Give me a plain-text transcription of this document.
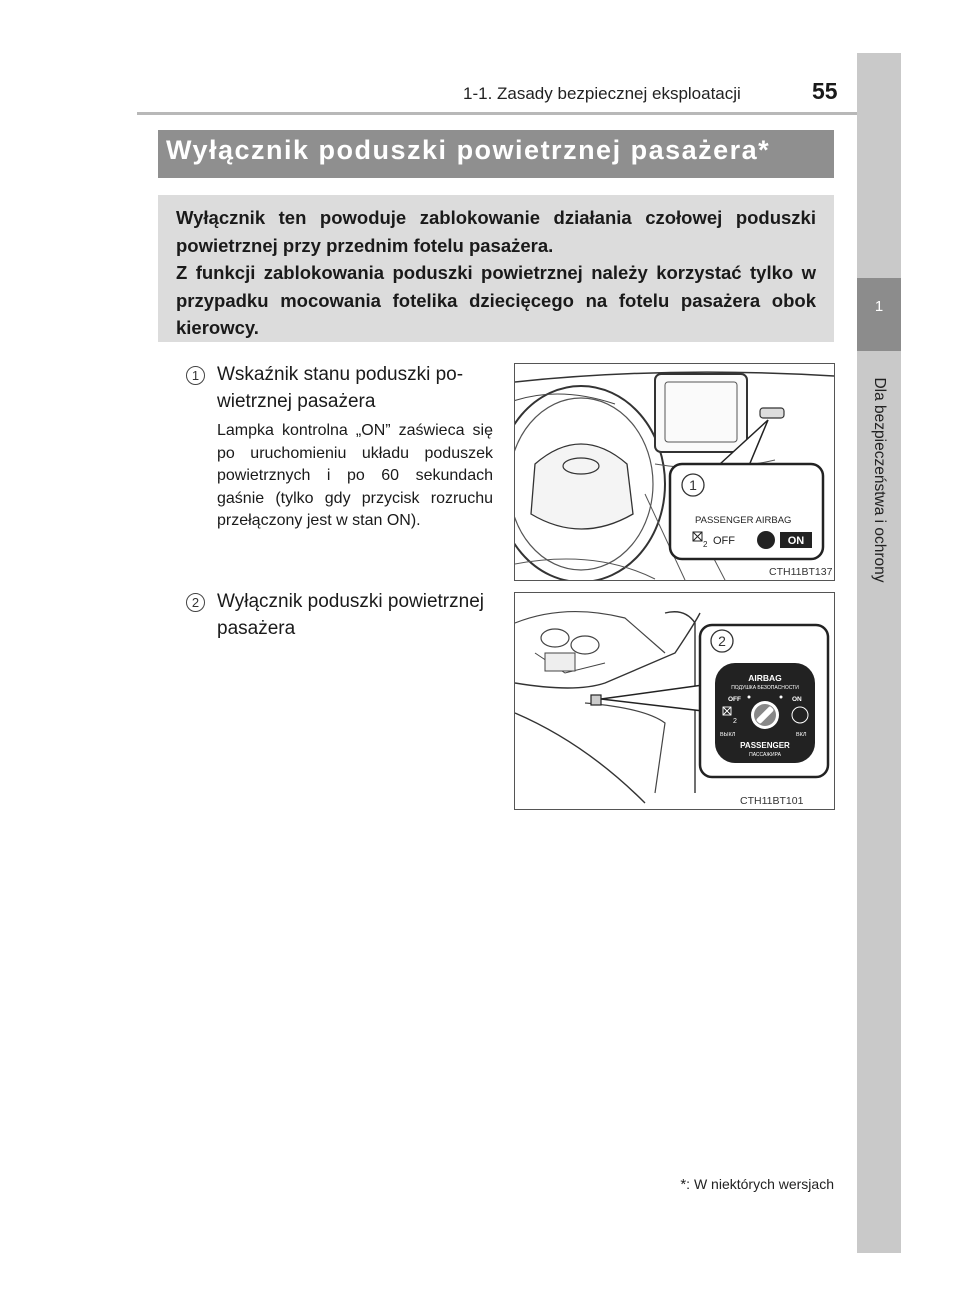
1-1. Zasady bezpiecznej eksploatacji	55
1
Dla bezpieczeństwa i ochrony
Wyłącznik poduszki powietrznej pasażera*

Wyłącznik ten powoduje zablokowanie działania czołowej poduszki powietrznej przy przednim fotelu pasażera.

Z funkcji zablokowania poduszki powietrznej należy korzystać tylko w przypadku mocowania fotelika dziecięcego na fotelu pasażera obok kierowcy.

1 Wskaźnik stanu poduszki po-
wietrznej pasażera
Lampka kontrolna „ON” zaświeca się po uruchomieniu układu poduszek powietrznych i po 60 sekundach gaśnie (tylko gdy przycisk rozruchu przełączony jest w stan ON).
2 Wyłącznik poduszki powietrznej
pasażera
1
PASSENGER AIRBAG
2 OFF	ON
CTH11BT137
2
AIRBAG
ПОДУШКА БЕЗОПАСНОСТИ
OFF	ON
2
ВЫКЛ	ВКЛ
PASSENGER
ПАССАЖИРА
CTH11BT101
*: W niektórych wersjach
